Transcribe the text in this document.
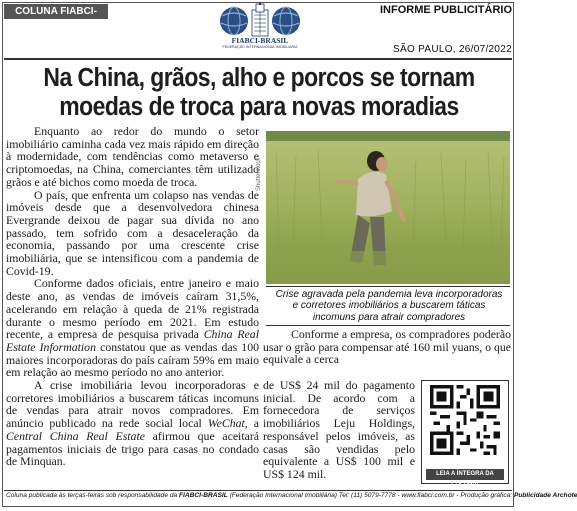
COLUNA FIABCI-BRASIL
INFORME PUBLICITÁRIO
FIABCI-BRASIL
FEDERAÇÃO INTERNACIONAL IMOBILIÁRIA	SÃO PAULO, 26/07/2022
Na China, grãos, alho e porcos se tornam
moedas de troca para novas moradias

Enquanto ao redor do mundo o setor imobiliário caminha cada vez mais rápido em direção à modernidade, com tendências como metaverso e criptomoedas, na China, comerciantes têm utilizado grãos e até bichos como moeda de troca.

O país, que enfrenta um colapso nas vendas de imóveis desde que a desenvolvedora chinesa Evergrande deixou de pagar sua dívida no ano passado, tem sofrido com a desaceleração da economia, passando por uma crescente crise imobiliária, que se intensificou com a pandemia de Covid-19.

Conforme dados oficiais, entre janeiro e maio deste ano, as vendas de imóveis caíram 31,5%, acelerando em relação à queda de 21% registrada durante o mesmo período em 2021. Em estudo recente, a empresa de pesquisa privada China Real Estate Information constatou que as vendas das 100 maiores incorporadoras do país caíram 59% em maio em relação ao mesmo período no ano anterior.

A crise imobiliária levou incorporadoras e corretores imobiliários a buscarem táticas incomuns de vendas para atrair novos compradores. Em anúncio publicado na rede social local WeChat, a Central China Real Estate afirmou que aceitará pagamentos iniciais de trigo para casas no condado de Minquan.

Shutterstock
Crise agravada pela pandemia leva incorporadoras e corretores imobiliários a buscarem táticas incomuns para atrair compradores

Conforme a empresa, os compradores poderão usar o grão para compensar até 160 mil yuans, o que equivale a cerca

de US$ 24 mil do pagamento inicial. De acordo com a fornecedora de serviços imobiliários Leju Holdings, responsável pelos imóveis, as casas são vendidas pelo equivalente a US$ 100 mil e US$ 124 mil.	LEIA A ÍNTEGRA DA COLUNA!
Coluna publicada às terças-feiras sob responsabilidade da FIABCI-BRASIL (Federação Internacional Imobiliária) Tel: (11) 5079-7778 - www.fiabci.com.br - Produção gráfica: Publicidade Archote
